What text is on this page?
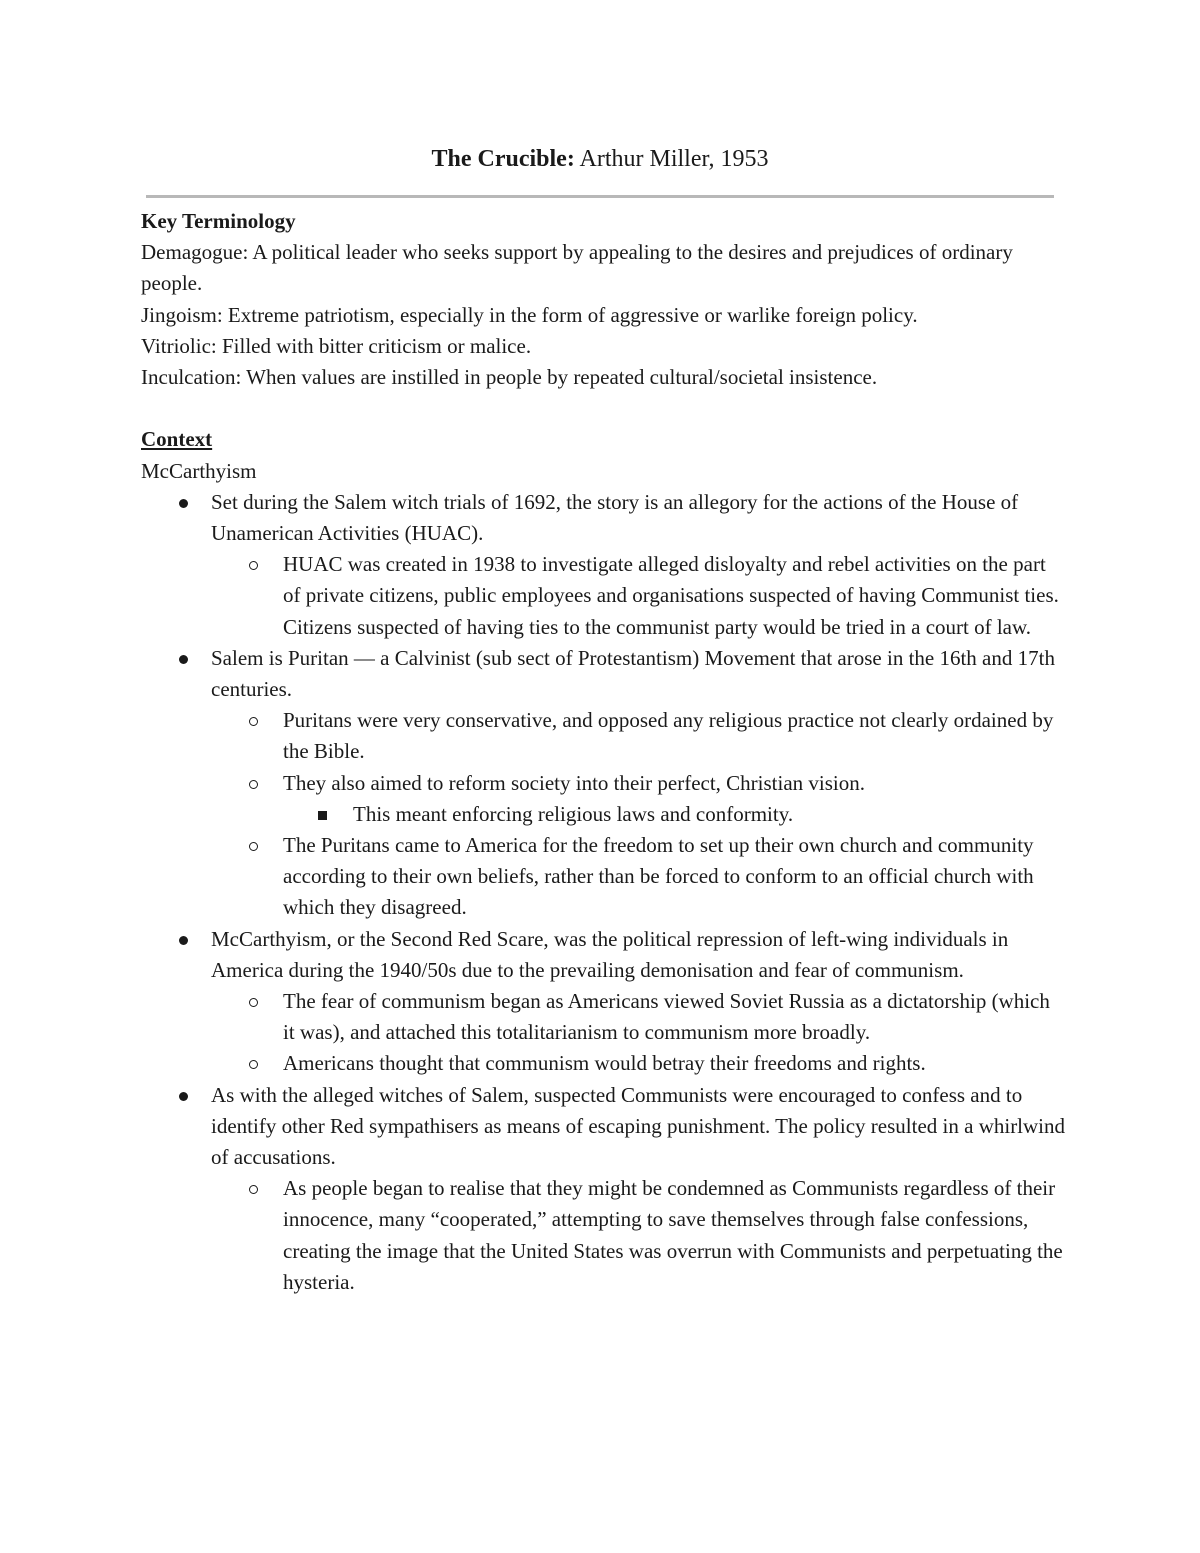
The Crucible: Arthur Miller, 1953

Key Terminology

Demagogue: A political leader who seeks support by appealing to the desires and prejudices of ordinary people.

Jingoism: Extreme patriotism, especially in the form of aggressive or warlike foreign policy.

Vitriolic: Filled with bitter criticism or malice.

Inculcation: When values are instilled in people by repeated cultural/societal insistence.

Context

McCarthyism

Set during the Salem witch trials of 1692, the story is an allegory for the actions of the House of Unamerican Activities (HUAC).
HUAC was created in 1938 to investigate alleged disloyalty and rebel activities on the part of private citizens, public employees and organisations suspected of having Communist ties. Citizens suspected of having ties to the communist party would be tried in a court of law.
Salem is Puritan — a Calvinist (sub sect of Protestantism) Movement that arose in the 16th and 17th centuries.
Puritans were very conservative, and opposed any religious practice not clearly ordained by the Bible.
They also aimed to reform society into their perfect, Christian vision.
This meant enforcing religious laws and conformity.
The Puritans came to America for the freedom to set up their own church and community according to their own beliefs, rather than be forced to conform to an official church with which they disagreed.
McCarthyism, or the Second Red Scare, was the political repression of left-wing individuals in America during the 1940/50s due to the prevailing demonisation and fear of communism.
The fear of communism began as Americans viewed Soviet Russia as a dictatorship (which it was), and attached this totalitarianism to communism more broadly.
Americans thought that communism would betray their freedoms and rights.
As with the alleged witches of Salem, suspected Communists were encouraged to confess and to identify other Red sympathisers as means of escaping punishment. The policy resulted in a whirlwind of accusations.
As people began to realise that they might be condemned as Communists regardless of their innocence, many “cooperated,” attempting to save themselves through false confessions, creating the image that the United States was overrun with Communists and perpetuating the hysteria.
